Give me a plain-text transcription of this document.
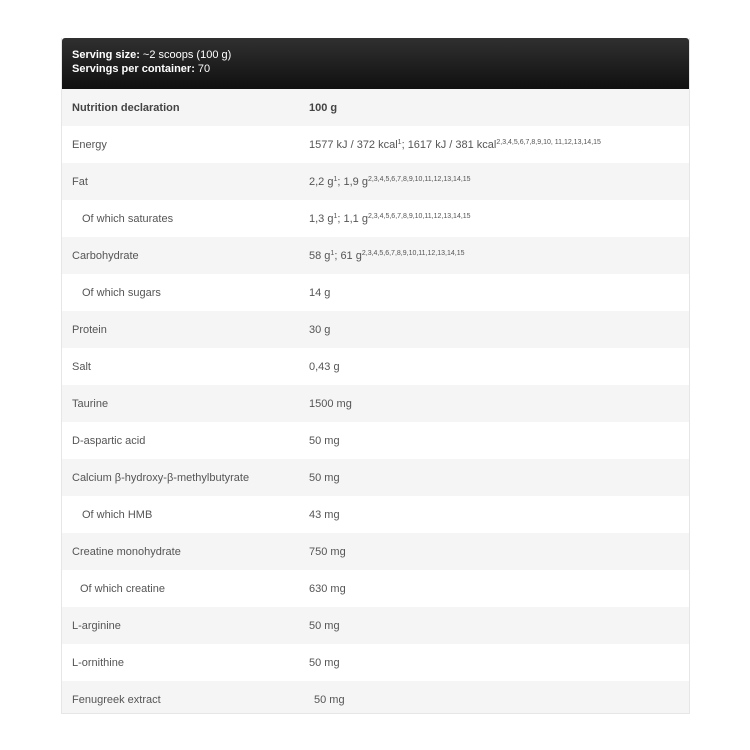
Serving size: ~2 scoops (100 g)
Servings per container: 70
Nutrition declaration	100 g
Energy	1577 kJ / 372 kcal$^1$; 1617 kJ / 381 kcal$^{2,3,4,5,6,7,8,9,10, 11,12,13,14,15}$
Fat	2,2 $g^1$; 1,9 $g^{2,3,4,5,6,7,8,9,10,11,12,13,14,15}$
Of which saturates	1,3 $g^1$; 1,1 $g^{2,3,4,5,6,7,8,9,10,11,12,13,14,15}$
Carbohydrate	58 $g^1$; 61 $g^{2,3,4,5,6,7,8,9,10,11,12,13,14,15}$
Of which sugars	14 g
Protein	30 g
Salt	0,43 g
Taurine	1500 mg
D-aspartic acid	50 mg
Calcium β-hydroxy-β-methylbutyrate	50 mg
Of which HMB	43 mg
Creatine monohydrate	750 mg
Of which creatine	630 mg
L-arginine	50 mg
L-ornithine	50 mg
Fenugreek extract	50 mg
